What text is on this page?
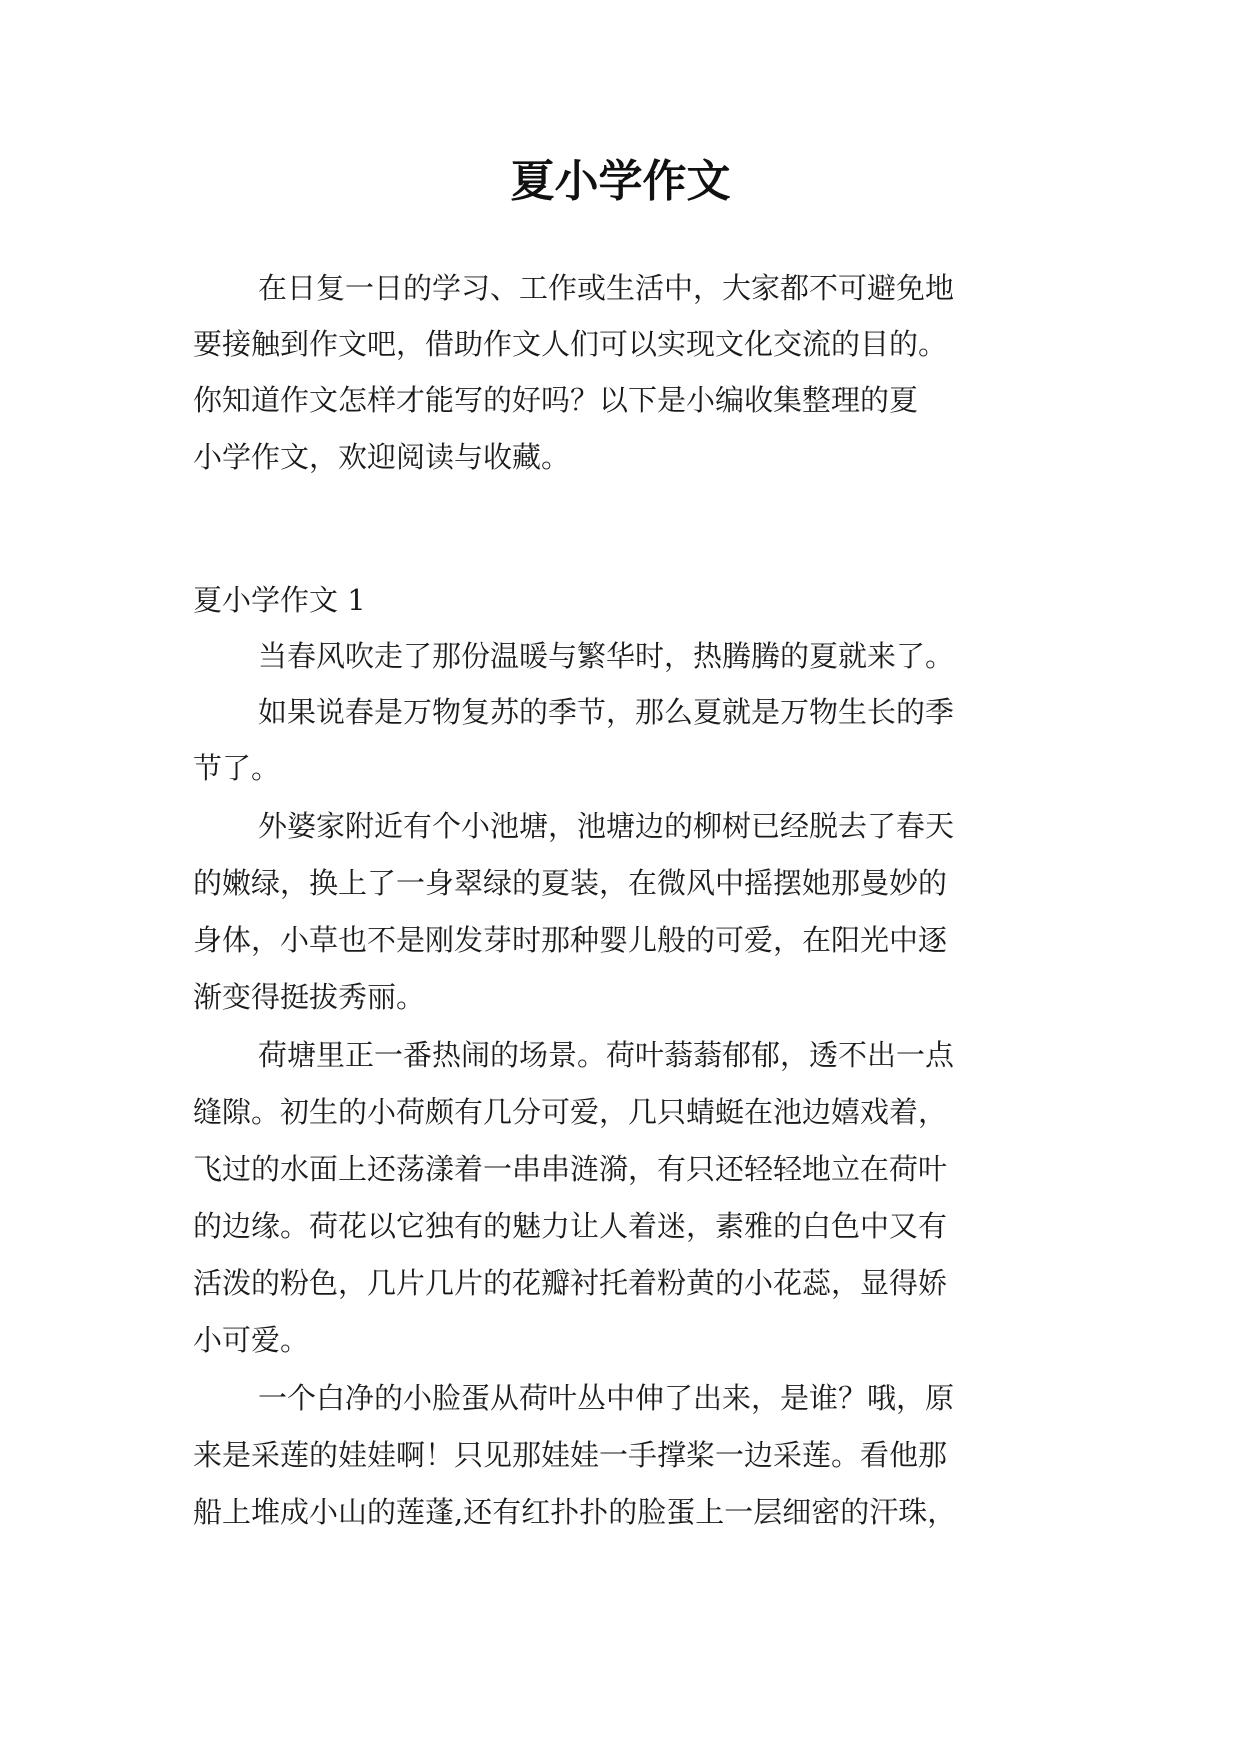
夏小学作文

在日复一日的学习、工作或生活中，大家都不可避免地

要接触到作文吧，借助作文人们可以实现文化交流的目的。

你知道作文怎样才能写的好吗？以下是小编收集整理的夏

小学作文，欢迎阅读与收藏。

夏小学作文 1

当春风吹走了那份温暖与繁华时，热腾腾的夏就来了。

如果说春是万物复苏的季节，那么夏就是万物生长的季

节了。

外婆家附近有个小池塘，池塘边的柳树已经脱去了春天

的嫩绿，换上了一身翠绿的夏装，在微风中摇摆她那曼妙的

身体，小草也不是刚发芽时那种婴儿般的可爱，在阳光中逐

渐变得挺拔秀丽。

荷塘里正一番热闹的场景。荷叶蓊蓊郁郁，透不出一点

缝隙。初生的小荷颇有几分可爱，几只蜻蜓在池边嬉戏着，

飞过的水面上还荡漾着一串串涟漪，有只还轻轻地立在荷叶

的边缘。荷花以它独有的魅力让人着迷，素雅的白色中又有

活泼的粉色，几片几片的花瓣衬托着粉黄的小花蕊，显得娇

小可爱。

一个白净的小脸蛋从荷叶丛中伸了出来，是谁？哦，原

来是采莲的娃娃啊！只见那娃娃一手撑桨一边采莲。看他那

船上堆成小山的莲蓬,还有红扑扑的脸蛋上一层细密的汗珠，
